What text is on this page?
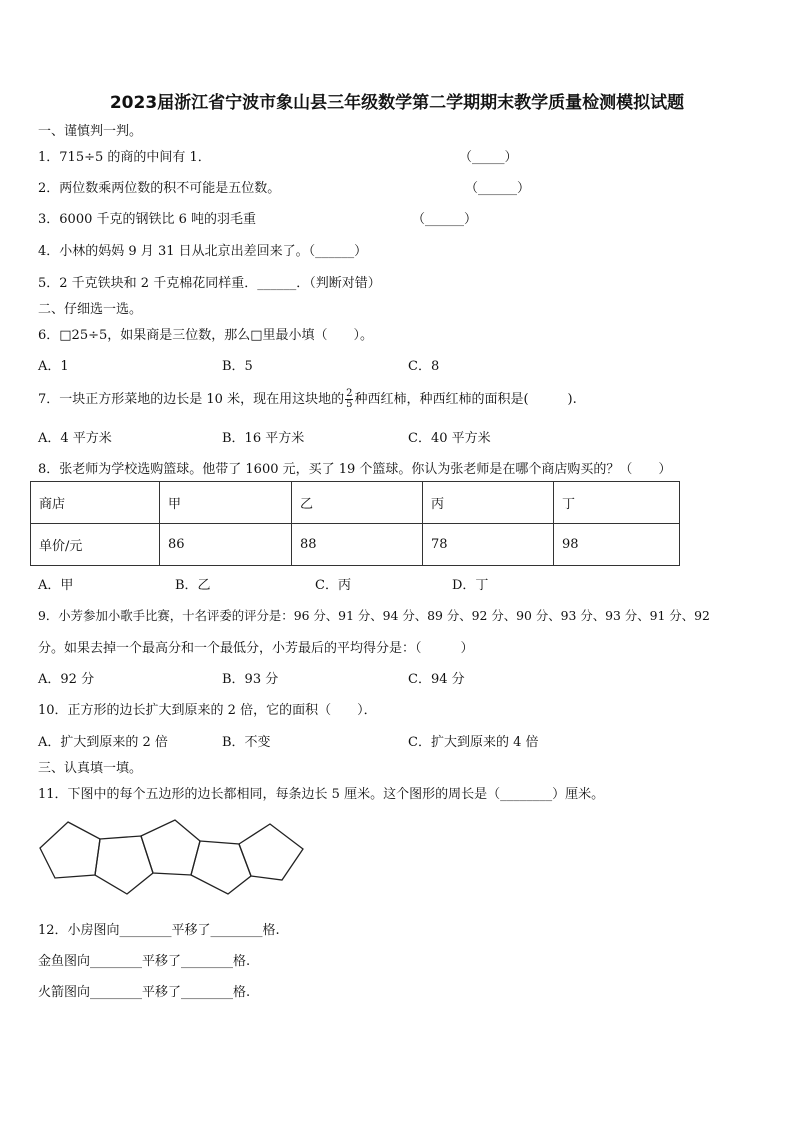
2023届浙江省宁波市象山县三年级数学第二学期期末教学质量检测模拟试题
一、谨慎判一判。
1．715÷5 的商的中间有 1．	（_____）
2．两位数乘两位数的积不可能是五位数。	（______）
3．6000 千克的钢铁比 6 吨的羽毛重	（______）
4．小林的妈妈 9 月 31 日从北京出差回来了。（______）
5．2 千克铁块和 2 千克棉花同样重．______．（判断对错）
二、仔细选一选。
6．□25÷5，如果商是三位数，那么□里最小填（　　）。
A．1	B．5	C．8
7．一块正方形菜地的边长是 10 米，现在用这块地的 $\frac{2}{5}$ 种西红柿，种西红柿的面积是(　　　).
A．4 平方米	B．16 平方米	C．40 平方米
8．张老师为学校选购篮球。他带了 1600 元，买了 19 个篮球。你认为张老师是在哪个商店购买的？（　　）
商店	甲	乙	丙	丁
单价/元	86	88	78	98
A．甲	B．乙	C．丙	D．丁
9．小芳参加小歌手比赛，十名评委的评分是：96 分、91 分、94 分、89 分、92 分、90 分、93 分、93 分、91 分、92
分。如果去掉一个最高分和一个最低分，小芳最后的平均得分是：（　　　）
A．92 分	B．93 分	C．94 分
10．正方形的边长扩大到原来的 2 倍，它的面积（　　）．
A．扩大到原来的 2 倍	B．不变	C．扩大到原来的 4 倍
三、认真填一填。
11．下图中的每个五边形的边长都相同，每条边长 5 厘米。这个图形的周长是（________）厘米。
12．小房图向________平移了________格.
金鱼图向________平移了________格.
火箭图向________平移了________格.
